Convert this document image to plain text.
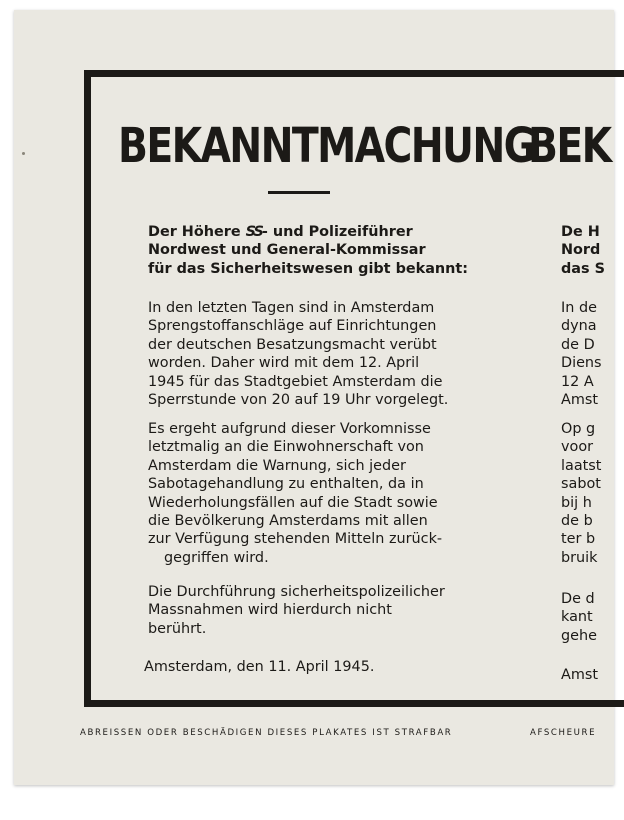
BEKANNTMACHUNG
BEK

Der Höhere SS- und Polizeiführer

Nordwest und General-Kommissar

für das Sicherheitswesen gibt bekannt:

In den letzten Tagen sind in Amsterdam

Sprengstoffanschläge auf Einrichtungen

der deutschen Besatzungsmacht verübt

worden. Daher wird mit dem 12. April

1945 für das Stadtgebiet Amsterdam die

Sperrstunde von 20 auf 19 Uhr vorgelegt.

Es ergeht aufgrund dieser Vorkomnisse

letztmalig an die Einwohnerschaft von

Amsterdam die Warnung, sich jeder

Sabotagehandlung zu enthalten, da in

Wiederholungsfällen auf die Stadt sowie

die Bevölkerung Amsterdams mit allen

zur Verfügung stehenden Mitteln zurück-

gegriffen wird.

Die Durchführung sicherheitspolizeilicher

Massnahmen wird hierdurch nicht

berührt.

Amsterdam, den 11. April 1945.

De H

Nord

das S

In de

dyna

de D

Diens

12 A

Amst

Op g

voor

laatst

sabot

bij h

de b

ter b

bruik

De d

kant

gehe

Amst
ABREISSEN ODER BESCHÄDIGEN DIESES PLAKATES IST STRAFBAR	AFSCHEURE
